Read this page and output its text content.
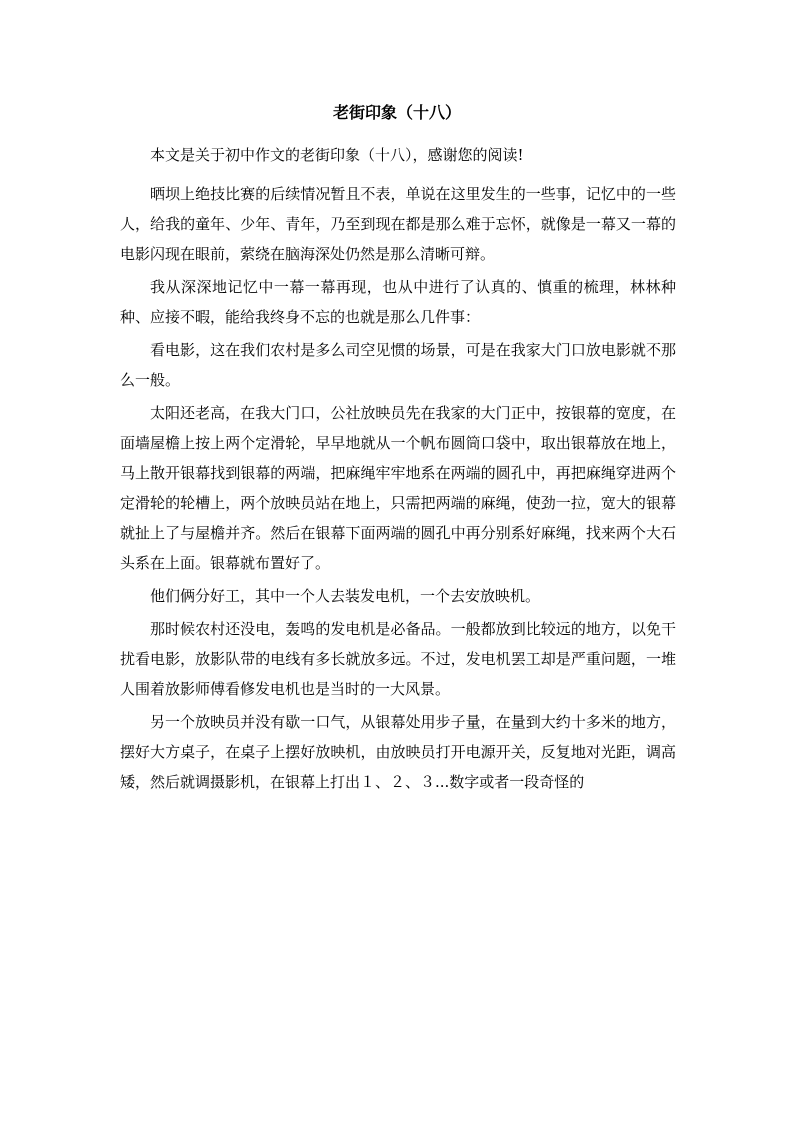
老街印象（十八）

本文是关于初中作文的老街印象（十八），感谢您的阅读!

晒坝上绝技比赛的后续情况暂且不表，单说在这里发生的一些事，记忆中的一些人，给我的童年、少年、青年，乃至到现在都是那么难于忘怀，就像是一幕又一幕的电影闪现在眼前，萦绕在脑海深处仍然是那么清晰可辩。

我从深深地记忆中一幕一幕再现，也从中进行了认真的、慎重的梳理，林林种种、应接不暇，能给我终身不忘的也就是那么几件事：

看电影，这在我们农村是多么司空见惯的场景，可是在我家大门口放电影就不那么一般。

太阳还老高，在我大门口，公社放映员先在我家的大门正中，按银幕的宽度，在面墙屋檐上按上两个定滑轮，早早地就从一个帆布圆筒口袋中，取出银幕放在地上，马上散开银幕找到银幕的两端，把麻绳牢牢地系在两端的圆孔中，再把麻绳穿进两个定滑轮的轮槽上，两个放映员站在地上，只需把两端的麻绳，使劲一拉，宽大的银幕就扯上了与屋檐并齐。然后在银幕下面两端的圆孔中再分别系好麻绳，找来两个大石头系在上面。银幕就布置好了。

他们俩分好工，其中一个人去装发电机，一个去安放映机。

那时候农村还没电，轰鸣的发电机是必备品。一般都放到比较远的地方，以免干扰看电影，放影队带的电线有多长就放多远。不过，发电机罢工却是严重问题，一堆人围着放影师傅看修发电机也是当时的一大风景。

另一个放映员并没有歇一口气，从银幕处用步子量，在量到大约十多米的地方，摆好大方桌子，在桌子上摆好放映机，由放映员打开电源开关，反复地对光距，调高矮，然后就调摄影机，在银幕上打出１、２、３...数字或者一段奇怪的
